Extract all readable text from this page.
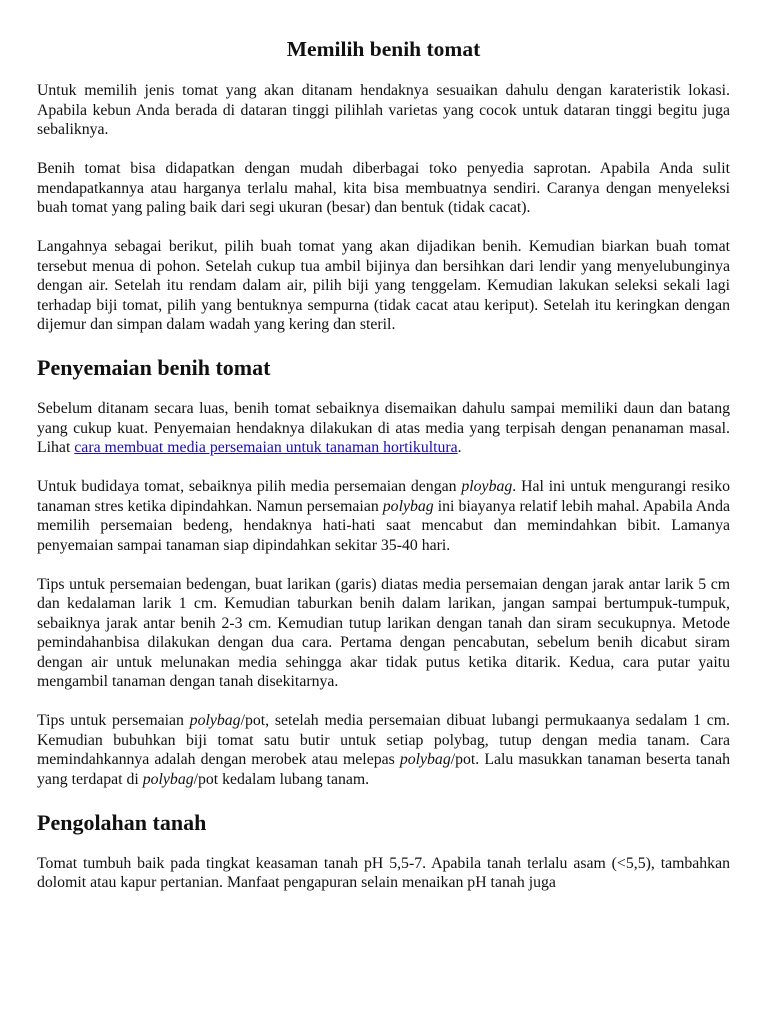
Memilih benih tomat

Untuk memilih jenis tomat yang akan ditanam hendaknya sesuaikan dahulu dengan karateristik lokasi. Apabila kebun Anda berada di dataran tinggi pilihlah varietas yang cocok untuk dataran tinggi begitu juga sebaliknya.

Benih tomat bisa didapatkan dengan mudah diberbagai toko penyedia saprotan. Apabila Anda sulit mendapatkannya atau harganya terlalu mahal, kita bisa membuatnya sendiri. Caranya dengan menyeleksi buah tomat yang paling baik dari segi ukuran (besar) dan bentuk (tidak cacat).

Langahnya sebagai berikut, pilih buah tomat yang akan dijadikan benih. Kemudian biarkan buah tomat tersebut menua di pohon. Setelah cukup tua ambil bijinya dan bersihkan dari lendir yang menyelubunginya dengan air. Setelah itu rendam dalam air, pilih biji yang tenggelam. Kemudian lakukan seleksi sekali lagi terhadap biji tomat, pilih yang bentuknya sempurna (tidak cacat atau keriput). Setelah itu keringkan dengan dijemur dan simpan dalam wadah yang kering dan steril.

Penyemaian benih tomat

Sebelum ditanam secara luas, benih tomat sebaiknya disemaikan dahulu sampai memiliki daun dan batang yang cukup kuat. Penyemaian hendaknya dilakukan di atas media yang terpisah dengan penanaman masal. Lihat cara membuat media persemaian untuk tanaman hortikultura.

Untuk budidaya tomat, sebaiknya pilih media persemaian dengan ploybag. Hal ini untuk mengurangi resiko tanaman stres ketika dipindahkan. Namun persemaian polybag ini biayanya relatif lebih mahal. Apabila Anda memilih persemaian bedeng, hendaknya hati-hati saat mencabut dan memindahkan bibit. Lamanya penyemaian sampai tanaman siap dipindahkan sekitar 35-40 hari.

Tips untuk persemaian bedengan, buat larikan (garis) diatas media persemaian dengan jarak antar larik 5 cm dan kedalaman larik 1 cm. Kemudian taburkan benih dalam larikan, jangan sampai bertumpuk-tumpuk, sebaiknya jarak antar benih 2-3 cm. Kemudian tutup larikan dengan tanah dan siram secukupnya. Metode pemindahanbisa dilakukan dengan dua cara. Pertama dengan pencabutan, sebelum benih dicabut siram dengan air untuk melunakan media sehingga akar tidak putus ketika ditarik. Kedua, cara putar yaitu mengambil tanaman dengan tanah disekitarnya.

Tips untuk persemaian polybag/pot, setelah media persemaian dibuat lubangi permukaanya sedalam 1 cm. Kemudian bubuhkan biji tomat satu butir untuk setiap polybag, tutup dengan media tanam. Cara memindahkannya adalah dengan merobek atau melepas polybag/pot. Lalu masukkan tanaman beserta tanah yang terdapat di polybag/pot kedalam lubang tanam.

Pengolahan tanah

Tomat tumbuh baik pada tingkat keasaman tanah pH 5,5-7. Apabila tanah terlalu asam (<5,5), tambahkan dolomit atau kapur pertanian. Manfaat pengapuran selain menaikan pH tanah juga
